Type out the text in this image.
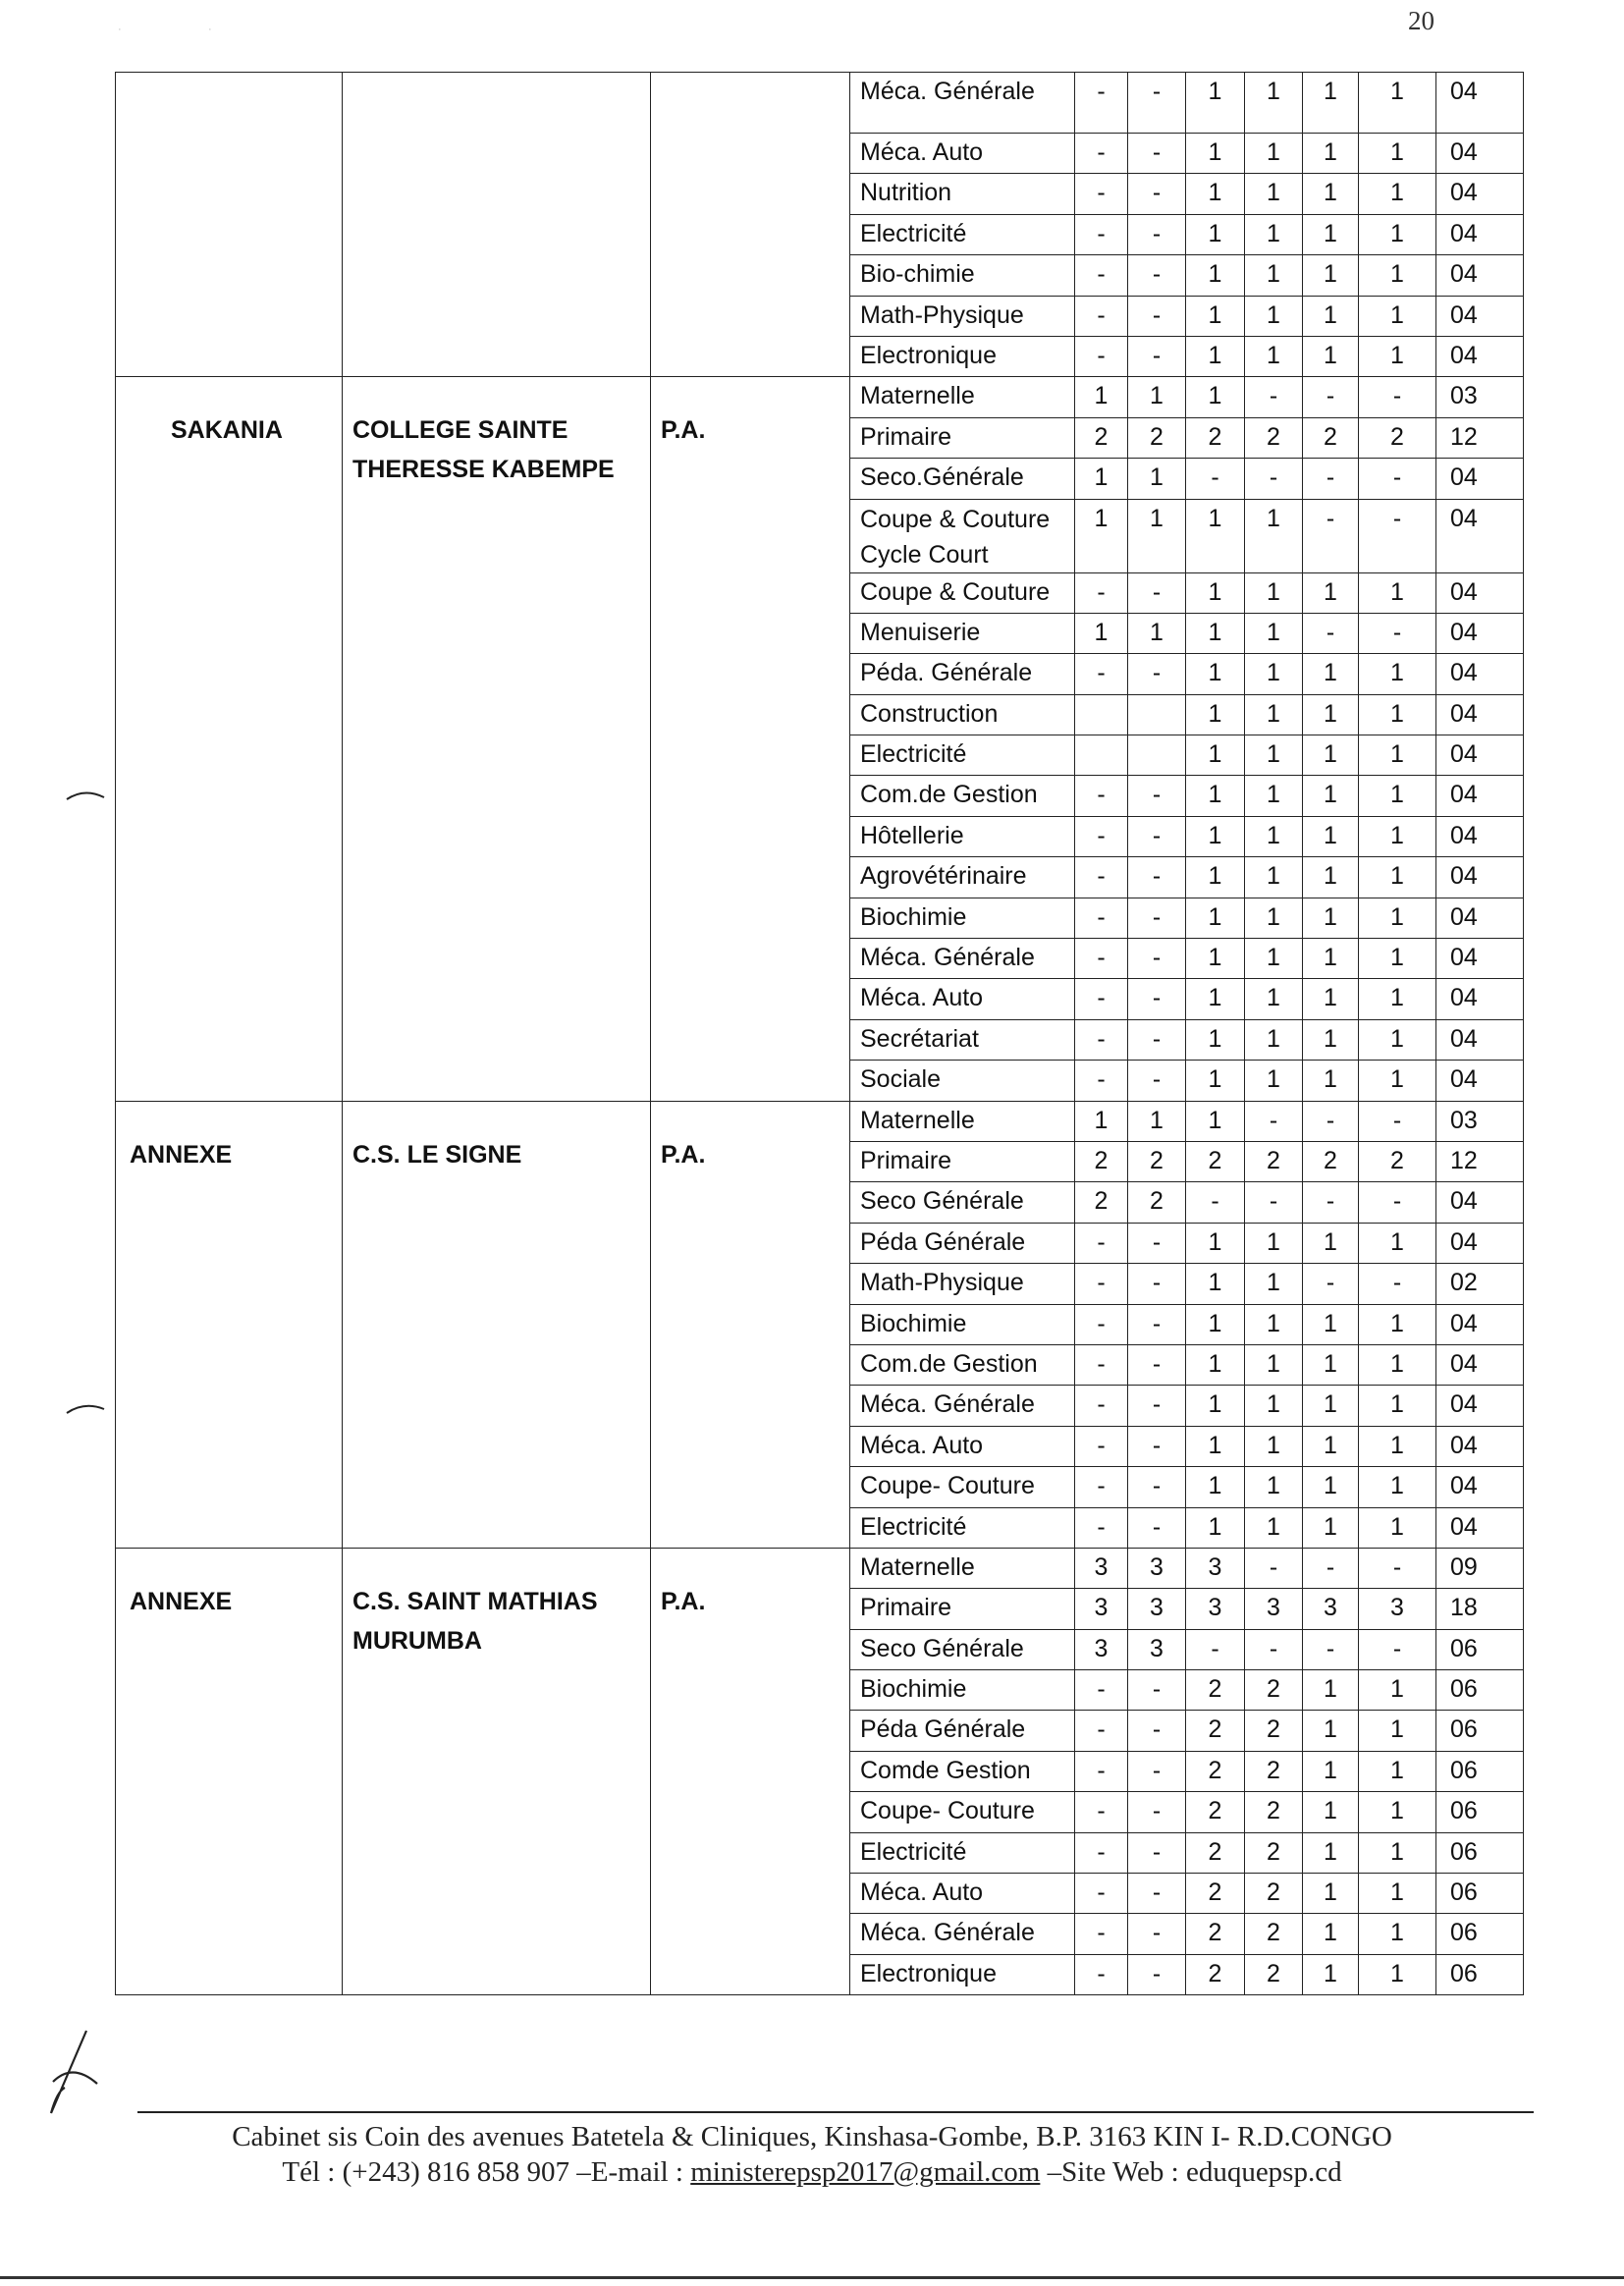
·	·	20
			Méca. Générale	-	-	1	1	1	1	04
			Méca. Auto	-	-	1	1	1	1	04
			Nutrition	-	-	1	1	1	1	04
			Electricité	-	-	1	1	1	1	04
			Bio-chimie	-	-	1	1	1	1	04
			Math-Physique	-	-	1	1	1	1	04
			Electronique	-	-	1	1	1	1	04
SAKANIA	COLLEGE SAINTE THERESSE KABEMPE	P.A.	Maternelle	1	1	1	-	-	-	03
			Primaire	2	2	2	2	2	2	12
			Seco.Générale	1	1	-	-	-	-	04
			Coupe & Couture Cycle Court	1	1	1	1	-	-	04
			Coupe & Couture	-	-	1	1	1	1	04
			Menuiserie	1	1	1	1	-	-	04
			Péda. Générale	-	-	1	1	1	1	04
			Construction			1	1	1	1	04
			Electricité			1	1	1	1	04
			Com.de Gestion	-	-	1	1	1	1	04
			Hôtellerie	-	-	1	1	1	1	04
			Agrovétérinaire	-	-	1	1	1	1	04
			Biochimie	-	-	1	1	1	1	04
			Méca. Générale	-	-	1	1	1	1	04
			Méca. Auto	-	-	1	1	1	1	04
			Secrétariat	-	-	1	1	1	1	04
			Sociale	-	-	1	1	1	1	04
ANNEXE	C.S. LE SIGNE	P.A.	Maternelle	1	1	1	-	-	-	03
			Primaire	2	2	2	2	2	2	12
			Seco Générale	2	2	-	-	-	-	04
			Péda Générale	-	-	1	1	1	1	04
			Math-Physique	-	-	1	1	-	-	02
			Biochimie	-	-	1	1	1	1	04
			Com.de Gestion	-	-	1	1	1	1	04
			Méca. Générale	-	-	1	1	1	1	04
			Méca. Auto	-	-	1	1	1	1	04
			Coupe- Couture	-	-	1	1	1	1	04
			Electricité	-	-	1	1	1	1	04
ANNEXE	C.S. SAINT MATHIAS MURUMBA	P.A.	Maternelle	3	3	3	-	-	-	09
			Primaire	3	3	3	3	3	3	18
			Seco Générale	3	3	-	-	-	-	06
			Biochimie	-	-	2	2	1	1	06
			Péda Générale	-	-	2	2	1	1	06
			Comde Gestion	-	-	2	2	1	1	06
			Coupe- Couture	-	-	2	2	1	1	06
			Electricité	-	-	2	2	1	1	06
			Méca. Auto	-	-	2	2	1	1	06
			Méca. Générale	-	-	2	2	1	1	06
			Electronique	-	-	2	2	1	1	06
Cabinet sis Coin des avenues Batetela & Cliniques, Kinshasa-Gombe, B.P. 3163 KIN I- R.D.CONGO
Tél : (+243) 816 858 907 –E-mail : ministerepsp2017@gmail.com –Site Web : eduquepsp.cd
